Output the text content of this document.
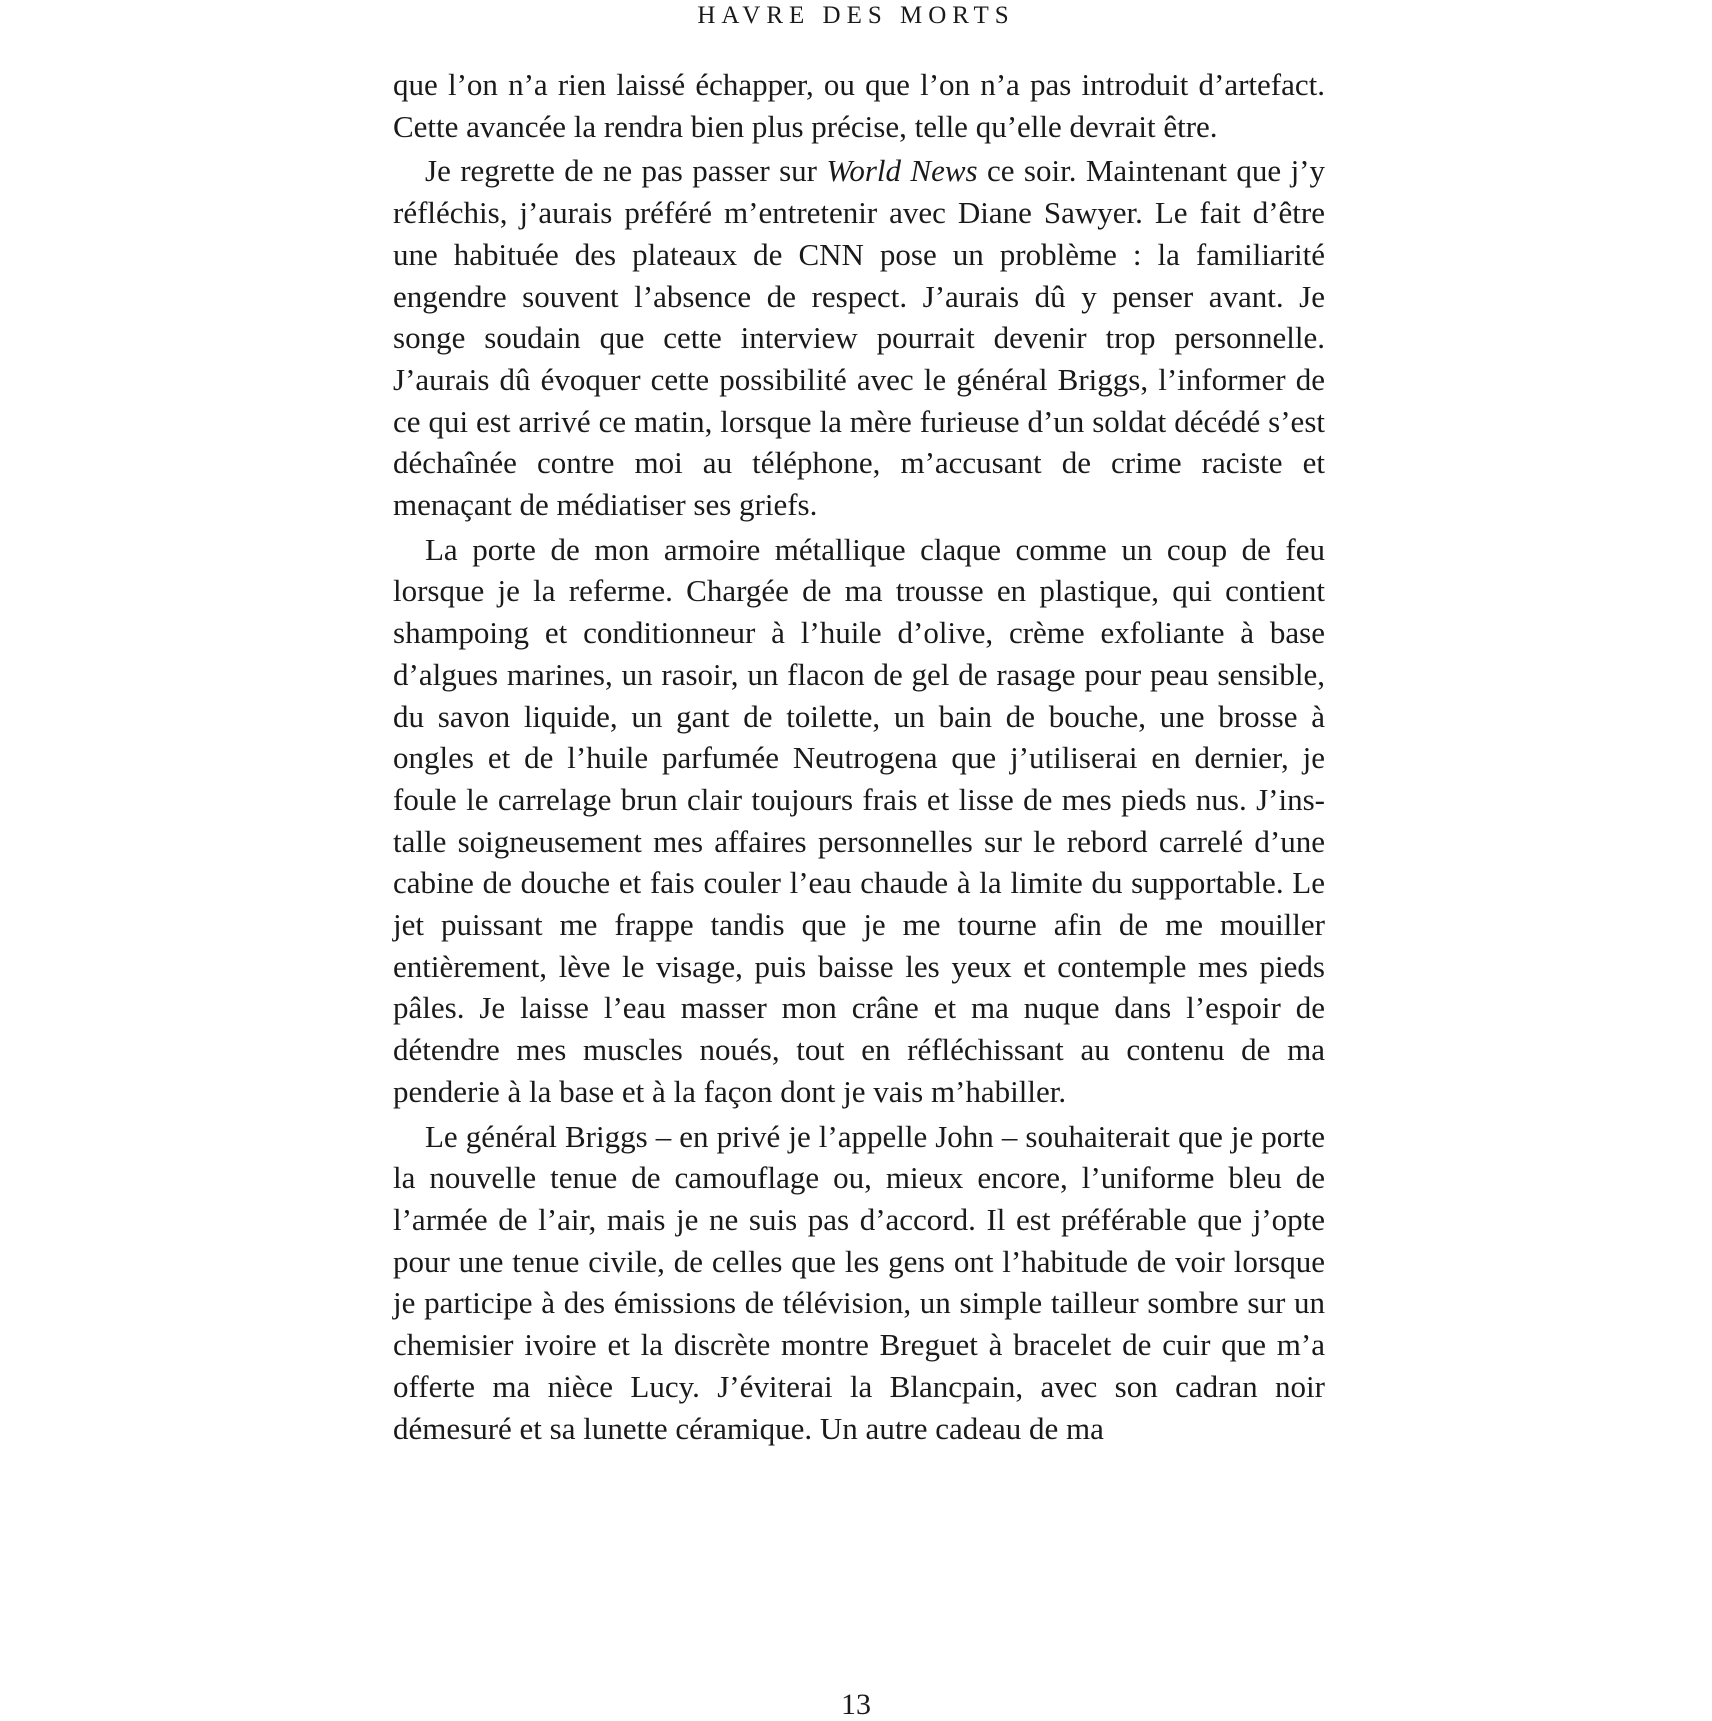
HAVRE DES MORTS

que l’on n’a rien laissé échapper, ou que l’on n’a pas introduit d’artefact. Cette avancée la rendra bien plus précise, telle qu’elle devrait être.

Je regrette de ne pas passer sur World News ce soir. Maintenant que j’y réfléchis, j’aurais préféré m’entretenir avec Diane Sawyer. Le fait d’être une habituée des plateaux de CNN pose un problème : la familiarité engendre souvent l’absence de respect. J’aurais dû y penser avant. Je songe soudain que cette interview pourrait devenir trop personnelle. J’aurais dû évoquer cette possibilité avec le général Briggs, l’informer de ce qui est arrivé ce matin, lorsque la mère furieuse d’un soldat décédé s’est déchaînée contre moi au téléphone, m’accusant de crime raciste et menaçant de médiatiser ses griefs.

La porte de mon armoire métallique claque comme un coup de feu lorsque je la referme. Chargée de ma trousse en plastique, qui contient shampoing et conditionneur à l’huile d’olive, crème exfoliante à base d’algues marines, un rasoir, un flacon de gel de rasage pour peau sensible, du savon liquide, un gant de toilette, un bain de bouche, une brosse à ongles et de l’huile parfumée Neutrogena que j’utiliserai en dernier, je foule le carrelage brun clair toujours frais et lisse de mes pieds nus. J’installe soigneusement mes affaires personnelles sur le rebord carrelé d’une cabine de douche et fais couler l’eau chaude à la limite du supportable. Le jet puissant me frappe tandis que je me tourne afin de me mouiller entièrement, lève le visage, puis baisse les yeux et contemple mes pieds pâles. Je laisse l’eau masser mon crâne et ma nuque dans l’espoir de détendre mes muscles noués, tout en réfléchissant au contenu de ma penderie à la base et à la façon dont je vais m’habiller.

Le général Briggs – en privé je l’appelle John – souhaiterait que je porte la nouvelle tenue de camouflage ou, mieux encore, l’uniforme bleu de l’armée de l’air, mais je ne suis pas d’accord. Il est préférable que j’opte pour une tenue civile, de celles que les gens ont l’habitude de voir lorsque je participe à des émissions de télévision, un simple tailleur sombre sur un chemisier ivoire et la discrète montre Breguet à bracelet de cuir que m’a offerte ma nièce Lucy. J’éviterai la Blancpain, avec son cadran noir démesuré et sa lunette céramique. Un autre cadeau de ma

13
